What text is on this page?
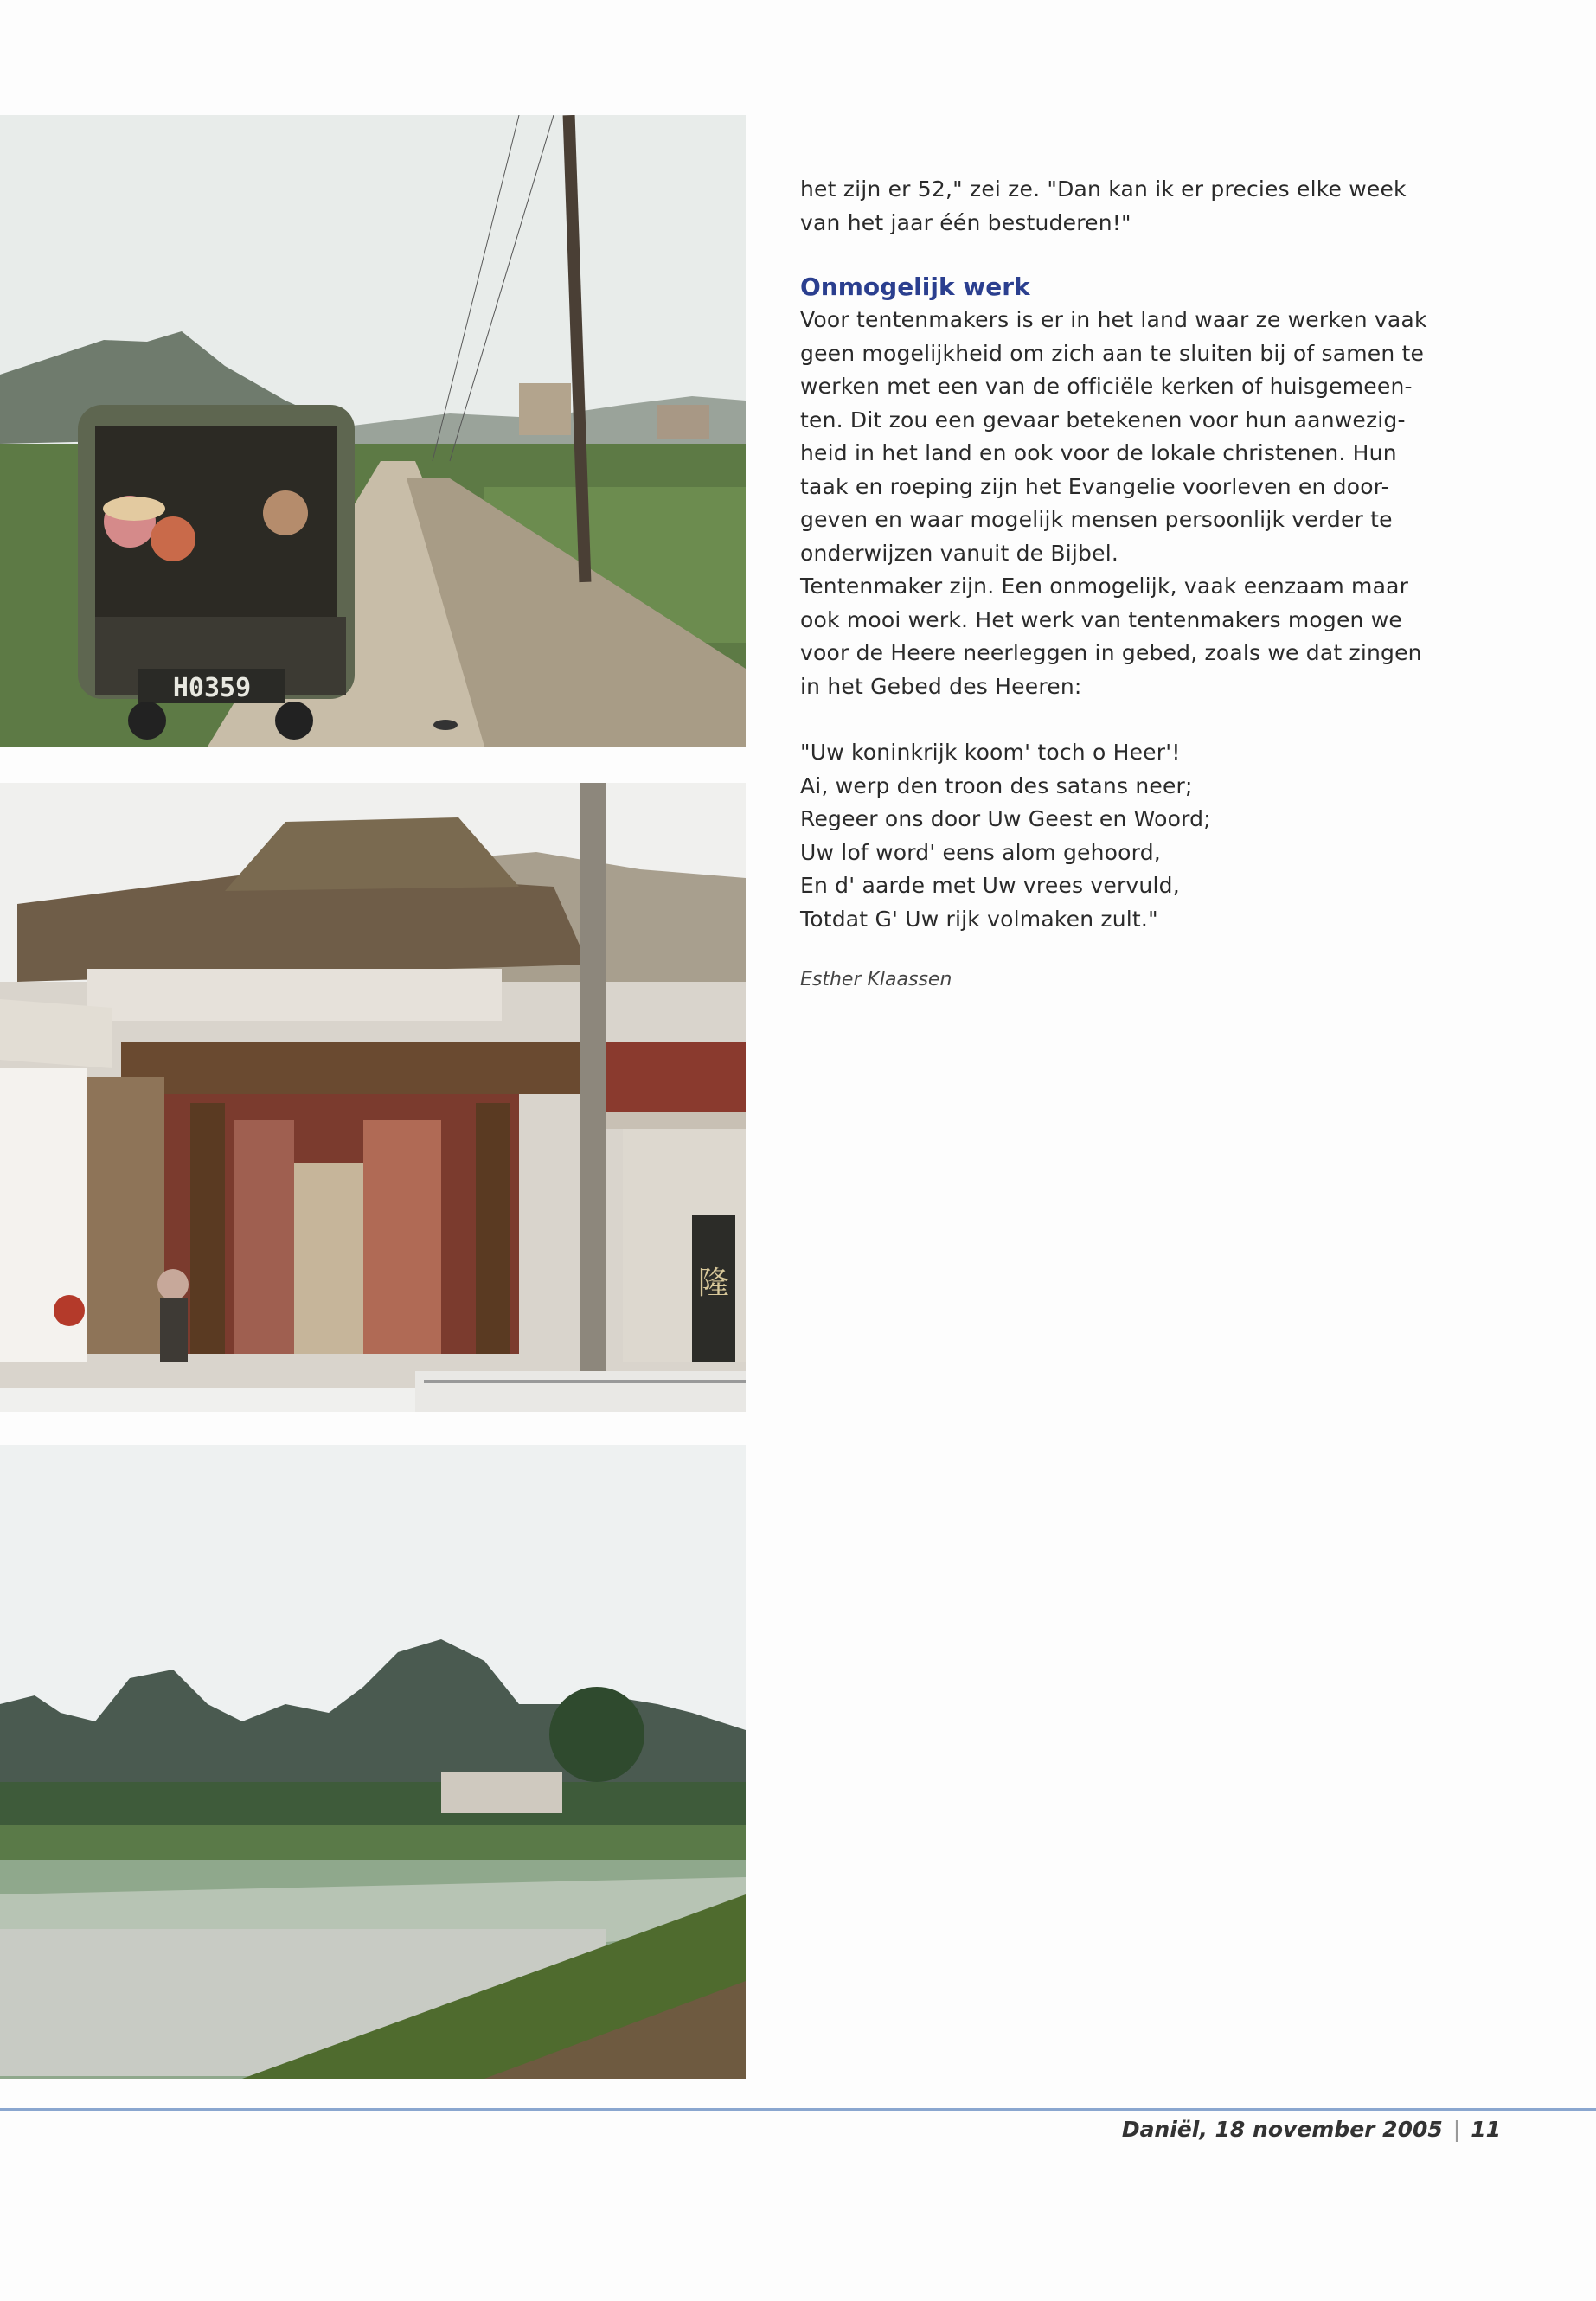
H0359
隆

het zijn er 52," zei ze. "Dan kan ik er precies elke week

van het jaar één bestuderen!"

Onmogelijk werk

Voor tentenmakers is er in het land waar ze werken vaak

geen mogelijkheid om zich aan te sluiten bij of samen te

werken met een van de officiële kerken of huisgemeen-

ten. Dit zou een gevaar betekenen voor hun aanwezig-

heid in het land en ook voor de lokale christenen. Hun

taak en roeping zijn het Evangelie voorleven en door-

geven en waar mogelijk mensen persoonlijk verder te

onderwijzen vanuit de Bijbel.

Tentenmaker zijn. Een onmogelijk, vaak eenzaam maar

ook mooi werk. Het werk van tentenmakers mogen we

voor de Heere neerleggen in gebed, zoals we dat zingen

in het Gebed des Heeren:

"Uw koninkrijk koom' toch o Heer'!

Ai, werp den troon des satans neer;

Regeer ons door Uw Geest en Woord;

Uw lof word' eens alom gehoord,

En d' aarde met Uw vrees vervuld,

Totdat G' Uw rijk volmaken zult."

Esther Klaassen
Daniël, 18 november 2005 | 11
